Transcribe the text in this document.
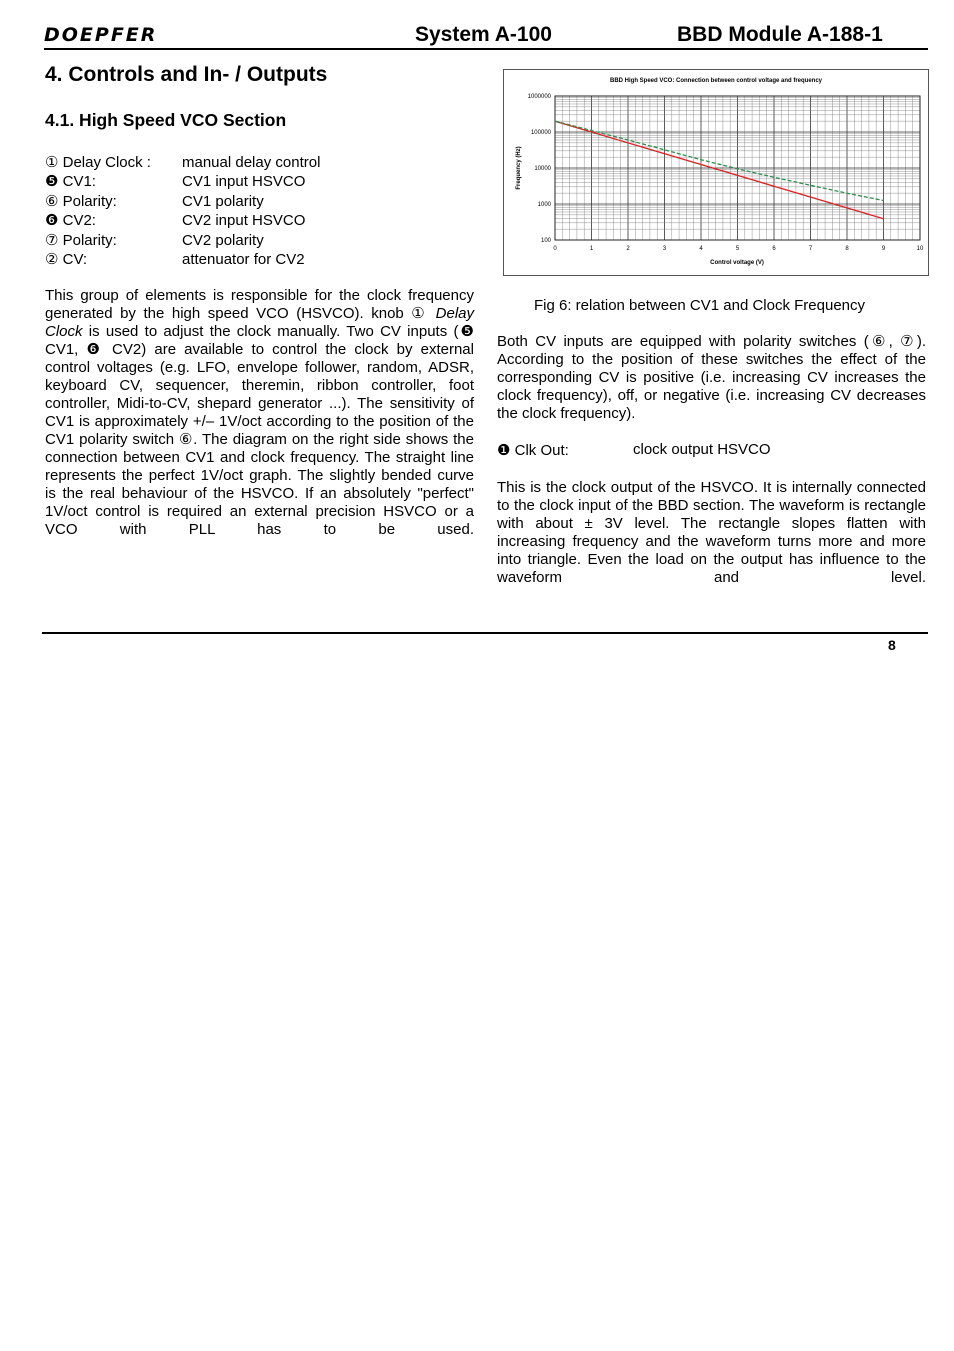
DOEPFER	System A-100	BBD Module A-188-1
4. Controls and In- / Outputs
4.1. High Speed VCO Section
① Delay Clock : manual delay control
❺ CV1:	CV1 input HSVCO
⑥ Polarity:	CV1 polarity
❻ CV2:	CV2 input HSVCO
⑦ Polarity:	CV2 polarity
② CV:	attenuator for CV2
This group of elements is responsible for the clock frequency generated by the high speed VCO (HSVCO). knob ① Delay Clock is used to adjust the clock manually. Two CV inputs (❺ CV1, ❻ CV2) are available to control the clock by external control voltages (e.g. LFO, envelope follower, random, ADSR, keyboard CV, sequencer, theremin, ribbon controller, foot controller, Midi-to-CV, shepard generator ...). The sensitivity of CV1 is approximately +/– 1V/oct according to the position of the CV1 polarity switch ⑥. The diagram on the right side shows the connection between CV1 and clock frequency. The straight line represents the perfect 1V/oct graph. The slightly bended curve is the real behaviour of the HSVCO. If an absolutely "perfect" 1V/oct control is required an external precision HSVCO or a VCO with PLL has to be used.
BBD High Speed VCO: Connection between control voltage and frequency
Control voltage (V)
Frequency (Hz)
0	1	2	3	4	5	6	7	8	9	10
100
1000
10000
100000
1000000
Fig 6: relation between CV1 and Clock Frequency
Both CV inputs are equipped with polarity switches (⑥, ⑦). According to the position of these switches the effect of the corresponding CV is positive (i.e. increasing CV increases the clock frequency), off, or negative (i.e. increasing CV decreases the clock frequency).
❶ Clk Out:	clock output HSVCO
This is the clock output of the HSVCO. It is internally connected to the clock input of the BBD section. The waveform is rectangle with about ± 3V level. The rectangle slopes flatten with increasing frequency and the waveform turns more and more into triangle. Even the load on the output has influence to the waveform and level.
8
